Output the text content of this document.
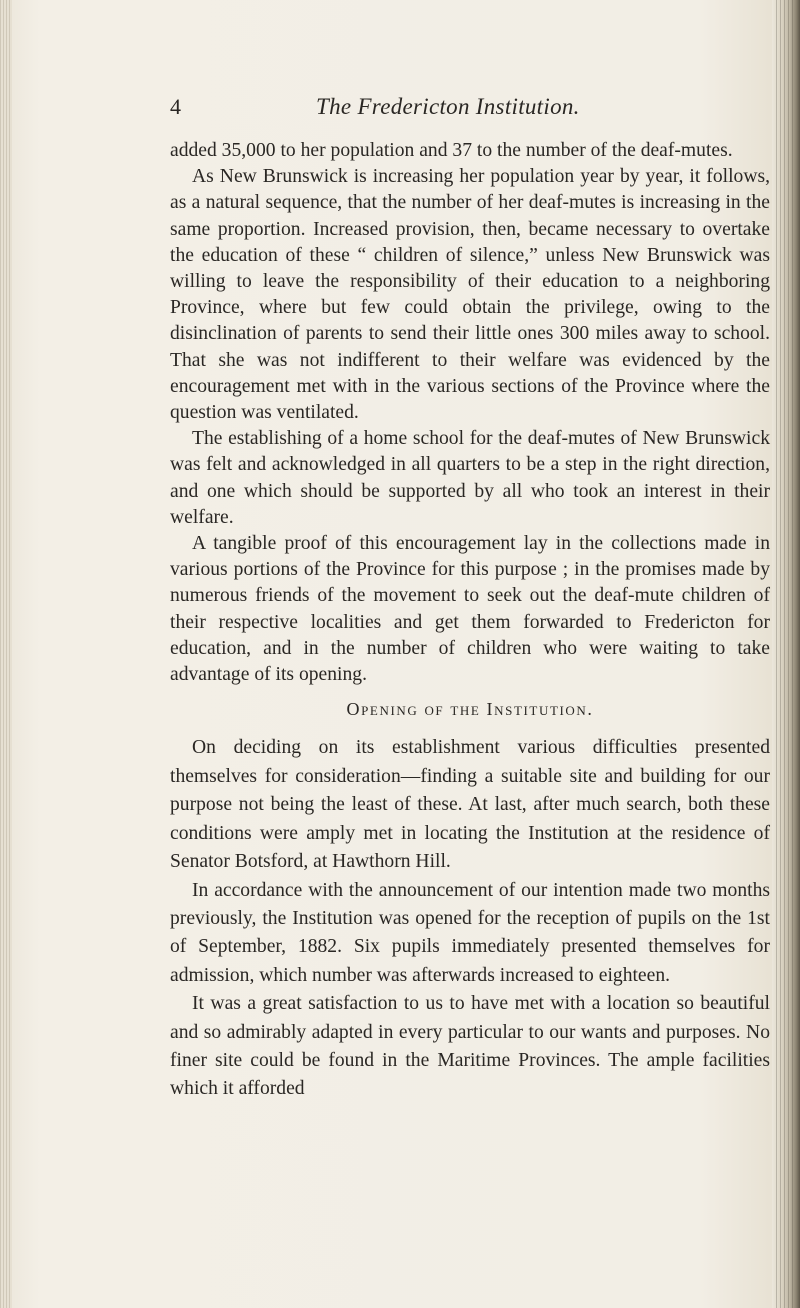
4	The Fredericton Institution.

added 35,000 to her population and 37 to the number of the deaf-mutes.

As New Brunswick is increasing her population year by year, it follows, as a natural sequence, that the number of her deaf-mutes is increasing in the same proportion. Increased provision, then, became necessary to overtake the education of these “ children of silence,” unless New Brunswick was willing to leave the responsibility of their education to a neighboring Province, where but few could obtain the privilege, owing to the disinclination of parents to send their little ones 300 miles away to school. That she was not indifferent to their welfare was evidenced by the encouragement met with in the various sections of the Province where the question was ventilated.

The establishing of a home school for the deaf-mutes of New Brunswick was felt and acknowledged in all quarters to be a step in the right direction, and one which should be supported by all who took an interest in their welfare.

A tangible proof of this encouragement lay in the collections made in various portions of the Province for this purpose ; in the promises made by numerous friends of the movement to seek out the deaf-mute children of their respective localities and get them forwarded to Fredericton for education, and in the number of children who were waiting to take advantage of its opening.

Opening of the Institution.

On deciding on its establishment various difficulties presented themselves for consideration—finding a suitable site and building for our purpose not being the least of these. At last, after much search, both these conditions were amply met in locating the Institution at the residence of Senator Botsford, at Hawthorn Hill.

In accordance with the announcement of our intention made two months previously, the Institution was opened for the reception of pupils on the 1st of September, 1882. Six pupils immediately presented themselves for admission, which number was afterwards increased to eighteen.

It was a great satisfaction to us to have met with a location so beautiful and so admirably adapted in every particular to our wants and purposes. No finer site could be found in the Maritime Provinces. The ample facilities which it afforded
